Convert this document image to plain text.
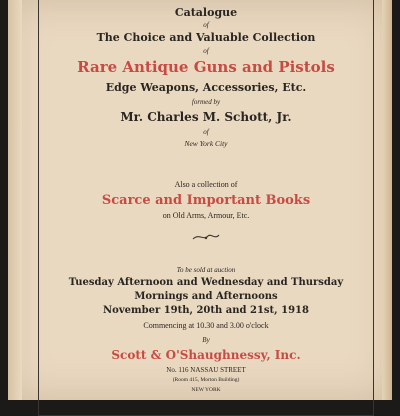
Catalogue
of
The Choice and Valuable Collection
of
Rare Antique Guns and Pistols
Edge Weapons, Accessories, Etc.
formed by
Mr. Charles M. Schott, Jr.
of
New York City
Also a collection of
Scarce and Important Books
on Old Arms, Armour, Etc.
To be sold at auction
Tuesday Afternoon and Wednesday and Thursday
Mornings and Afternoons
November 19th, 20th and 21st, 1918
Commencing at 10.30 and 3.00 o'clock
By
Scott & O'Shaughnessy, Inc.
No. 116 NASSAU STREET
(Room 415, Morton Building)
NEW YORK
